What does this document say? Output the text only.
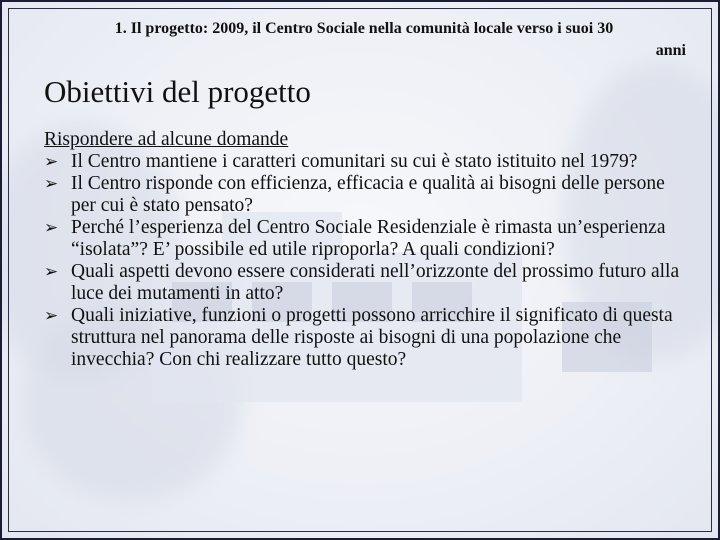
1. Il progetto: 2009, il Centro Sociale nella comunità locale verso i suoi 30
anni
Obiettivi del progetto
Rispondere ad alcune domande
➢ Il Centro mantiene i caratteri comunitari su cui è stato istituito nel 1979?
➢ Il Centro risponde con efficienza, efficacia e qualità ai bisogni delle persone per cui è stato pensato?
➢ Perché l’esperienza del Centro Sociale Residenziale è rimasta un’esperienza “isolata”? E’ possibile ed utile riproporla? A quali condizioni?
➢ Quali aspetti devono essere considerati nell’orizzonte del prossimo futuro alla luce dei mutamenti in atto?
➢ Quali iniziative, funzioni o progetti possono arricchire il significato di questa struttura nel panorama delle risposte ai bisogni di una popolazione che invecchia? Con chi realizzare tutto questo?
